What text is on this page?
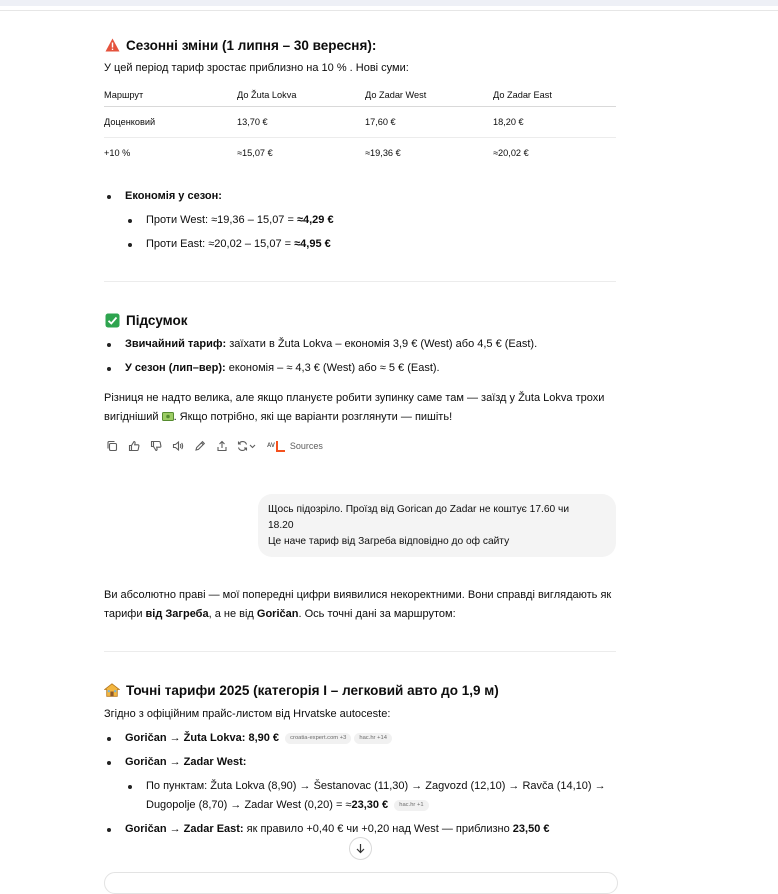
Сезонні зміни (1 липня – 30 вересня):

У цей період тариф зростає приблизно на 10 % . Нові суми:

Маршрут	До Žuta Lokva	До Zadar West	До Zadar East
Доценковий	13,70 €	17,60 €	18,20 €
+10 %	≈15,07 €	≈19,36 €	≈20,02 €
Економія у сезон:
Проти West: ≈19,36 – 15,07 = ≈4,29 €
Проти East: ≈20,02 – 15,07 = ≈4,95 €
Підсумок
Звичайний тариф: заїхати в Žuta Lokva – економія 3,9 € (West) або 4,5 € (East).
У сезон (лип–вер): економія – ≈ 4,3 € (West) або ≈ 5 € (East).

Різниця не надто велика, але якщо плануєте робити зупинку саме там — заїзд у Žuta Lokva трохи
вигідніший
. Якщо потрібно, які ще варіанти розглянути — пишіть!

AV Sources
Щось підозріло. Проїзд від Gorican до Zadar не коштує 17.60 чи
18.20
Це наче тариф від Загреба відповідно до оф сайту

Ви абсолютно праві — мої попередні цифри виявилися некоректними. Вони справді виглядають як
тарифи від Загреба, а не від Goričan. Ось точні дані за маршрутом:

Точні тарифи 2025 (категорія I – легковий авто до 1,9 м)

Згідно з офіційним прайс-листом від Hrvatske autoceste:

Goričan → Žuta Lokva: 8,90 € croatia-expert.com +3 hac.hr +14
Goričan → Zadar West:
По пунктам: Žuta Lokva (8,90) → Šestanovac (11,30) → Zagvozd (12,10) → Ravča (14,10) →
Dugopolje (8,70) → Zadar West (0,20) = ≈23,30 € hac.hr +1
Goričan → Zadar East: як правило +0,40 € чи +0,20 над West — приблизно 23,50 €
